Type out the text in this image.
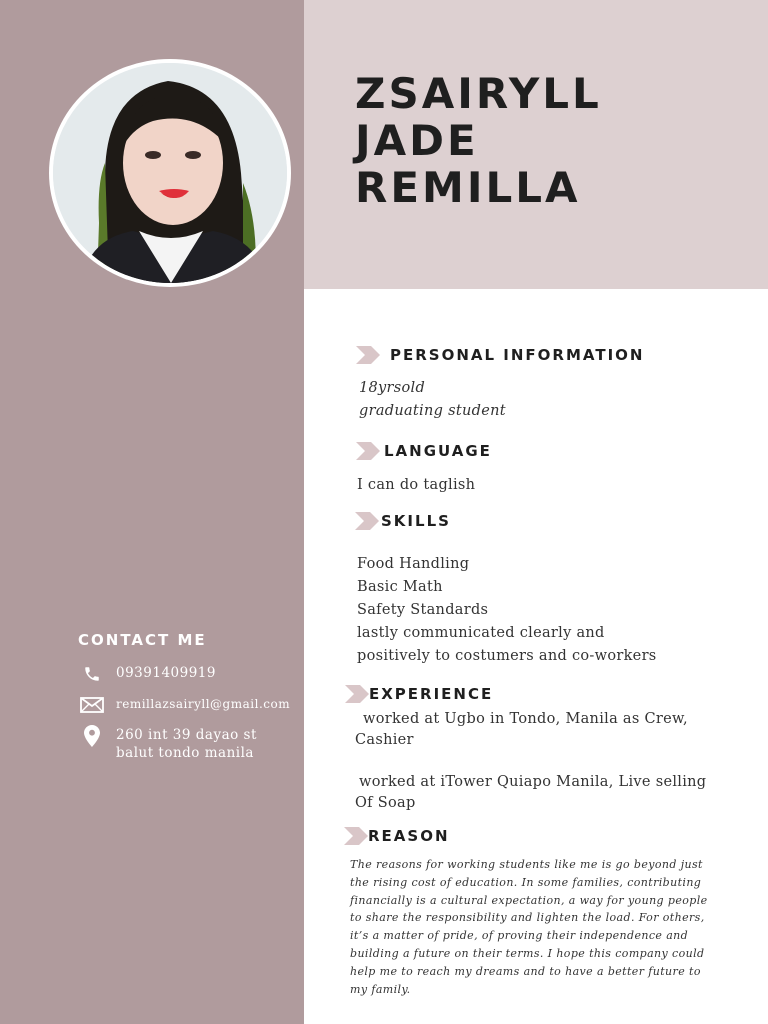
ZSAIRYLL
JADE
REMILLA
CONTACT ME
09391409919
remillazsairyll@gmail.com
260 int 39 dayao st
balut tondo manila
PERSONAL INFORMATION
18yrsold
graduating student
LANGUAGE
I can do taglish
SKILLS
Food Handling
Basic Math
Safety Standards
lastly communicated clearly and
positively to costumers and co-workers
EXPERIENCE
worked at Ugbo in Tondo, Manila as Crew,
Cashier
worked at iTower Quiapo Manila, Live selling
Of Soap
REASON
The reasons for working students like me is go beyond just the rising cost of education. In some families, contributing financially is a cultural expectation, a way for young people to share the responsibility and lighten the load. For others, it’s a matter of pride, of proving their independence and building a future on their terms. I hope this company could help me to reach my dreams and to have a better future to my family.
